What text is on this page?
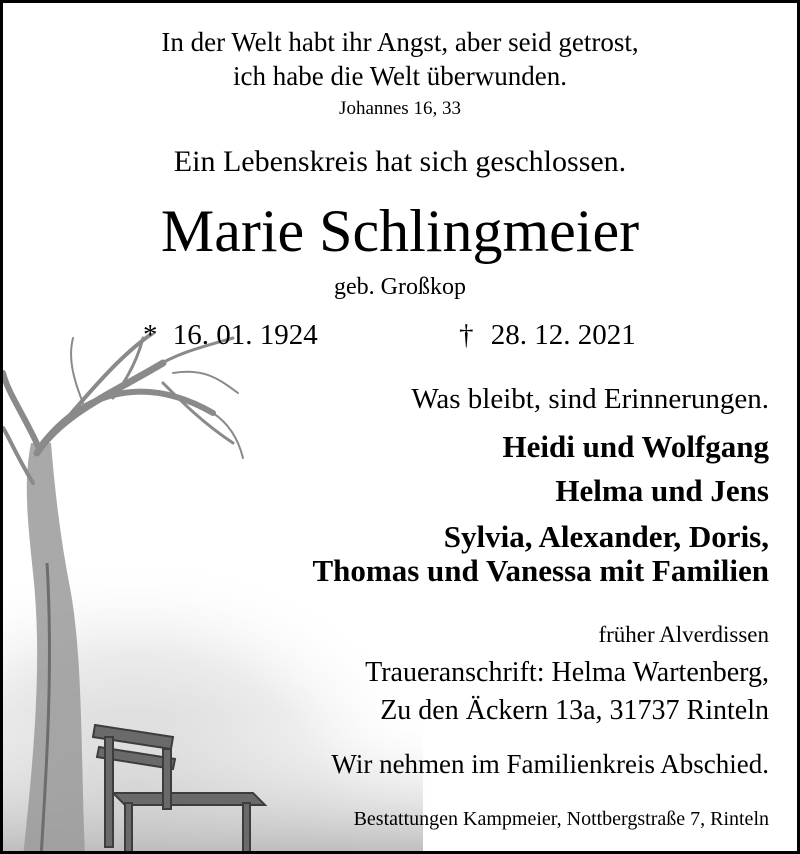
In der Welt habt ihr Angst, aber seid getrost,
ich habe die Welt überwunden.
Johannes 16, 33
Ein Lebenskreis hat sich geschlossen.
Marie Schlingmeier
geb. Großkop
* 16. 01. 1924	† 28. 12. 2021
Was bleibt, sind Erinnerungen.
Heidi und Wolfgang
Helma und Jens
Sylvia, Alexander, Doris,
Thomas und Vanessa mit Familien
früher Alverdissen
Traueranschrift: Helma Wartenberg,
Zu den Äckern 13a, 31737 Rinteln
Wir nehmen im Familienkreis Abschied.
Bestattungen Kampmeier, Nottbergstraße 7, Rinteln
